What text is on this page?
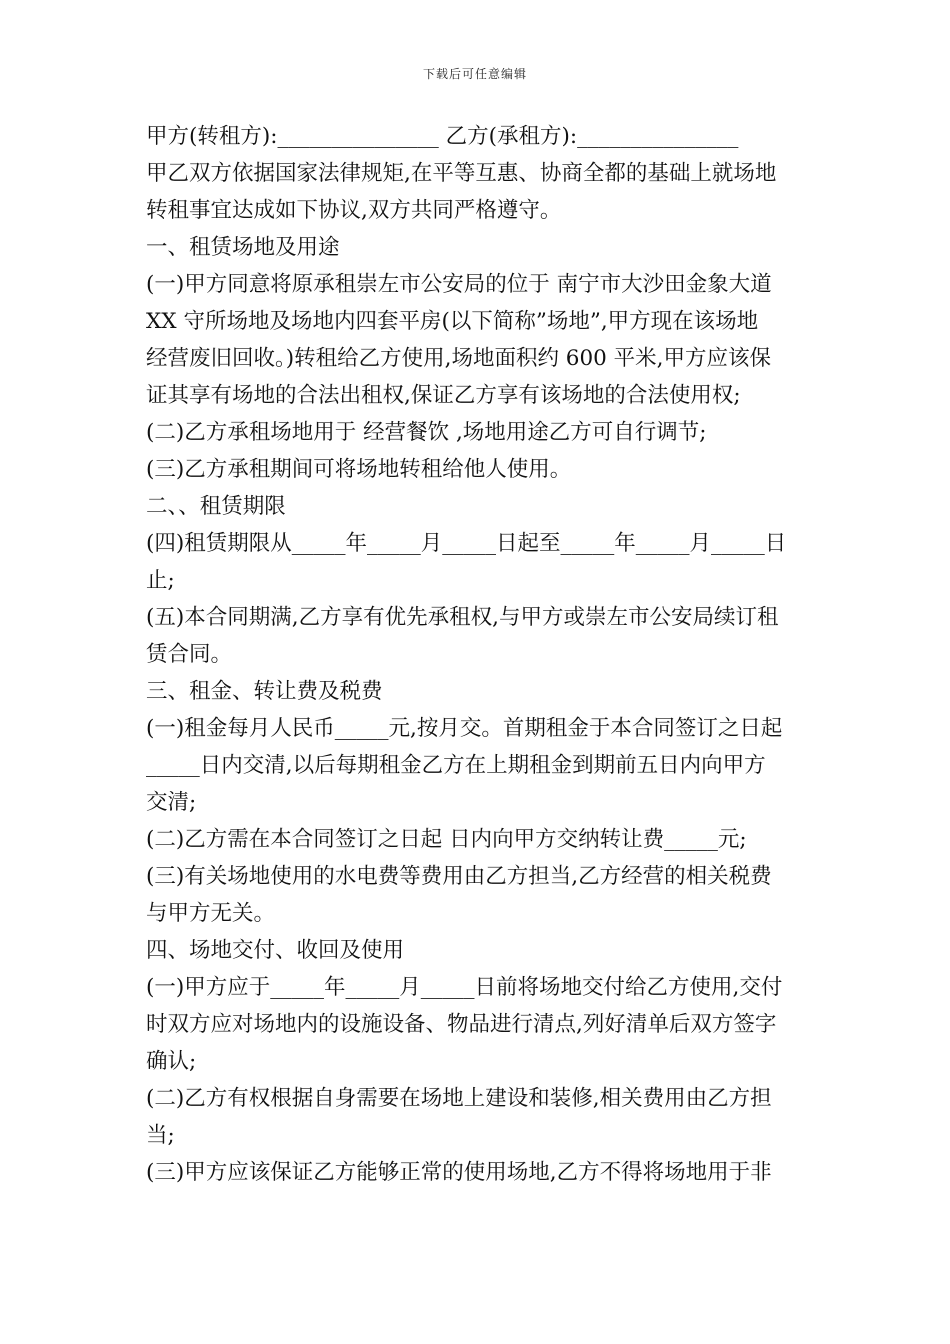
下载后可任意编辑
甲方(转租方):_______________ 乙方(承租方):_______________
甲乙双方依据国家法律规矩,在平等互惠、协商全都的基础上就场地
转租事宜达成如下协议,双方共同严格遵守。
一、租赁场地及用途
(一)甲方同意将原承租崇左市公安局的位于 南宁市大沙田金象大道
XX 守所场地及场地内四套平房(以下简称”场地”,甲方现在该场地
经营废旧回收。)转租给乙方使用,场地面积约 600 平米,甲方应该保
证其享有场地的合法出租权,保证乙方享有该场地的合法使用权;
(二)乙方承租场地用于 经营餐饮 ,场地用途乙方可自行调节;
(三)乙方承租期间可将场地转租给他人使用。
二、、租赁期限
(四)租赁期限从_____年_____月_____日起至_____年_____月_____日
止;
(五)本合同期满,乙方享有优先承租权,与甲方或崇左市公安局续订租
赁合同。
三、租金、转让费及税费
(一)租金每月人民币_____元,按月交。首期租金于本合同签订之日起
_____日内交清,以后每期租金乙方在上期租金到期前五日内向甲方
交清;
(二)乙方需在本合同签订之日起 日内向甲方交纳转让费_____元;
(三)有关场地使用的水电费等费用由乙方担当,乙方经营的相关税费
与甲方无关。
四、场地交付、收回及使用
(一)甲方应于_____年_____月_____日前将场地交付给乙方使用,交付
时双方应对场地内的设施设备、物品进行清点,列好清单后双方签字
确认;
(二)乙方有权根据自身需要在场地上建设和装修,相关费用由乙方担
当;
(三)甲方应该保证乙方能够正常的使用场地,乙方不得将场地用于非
